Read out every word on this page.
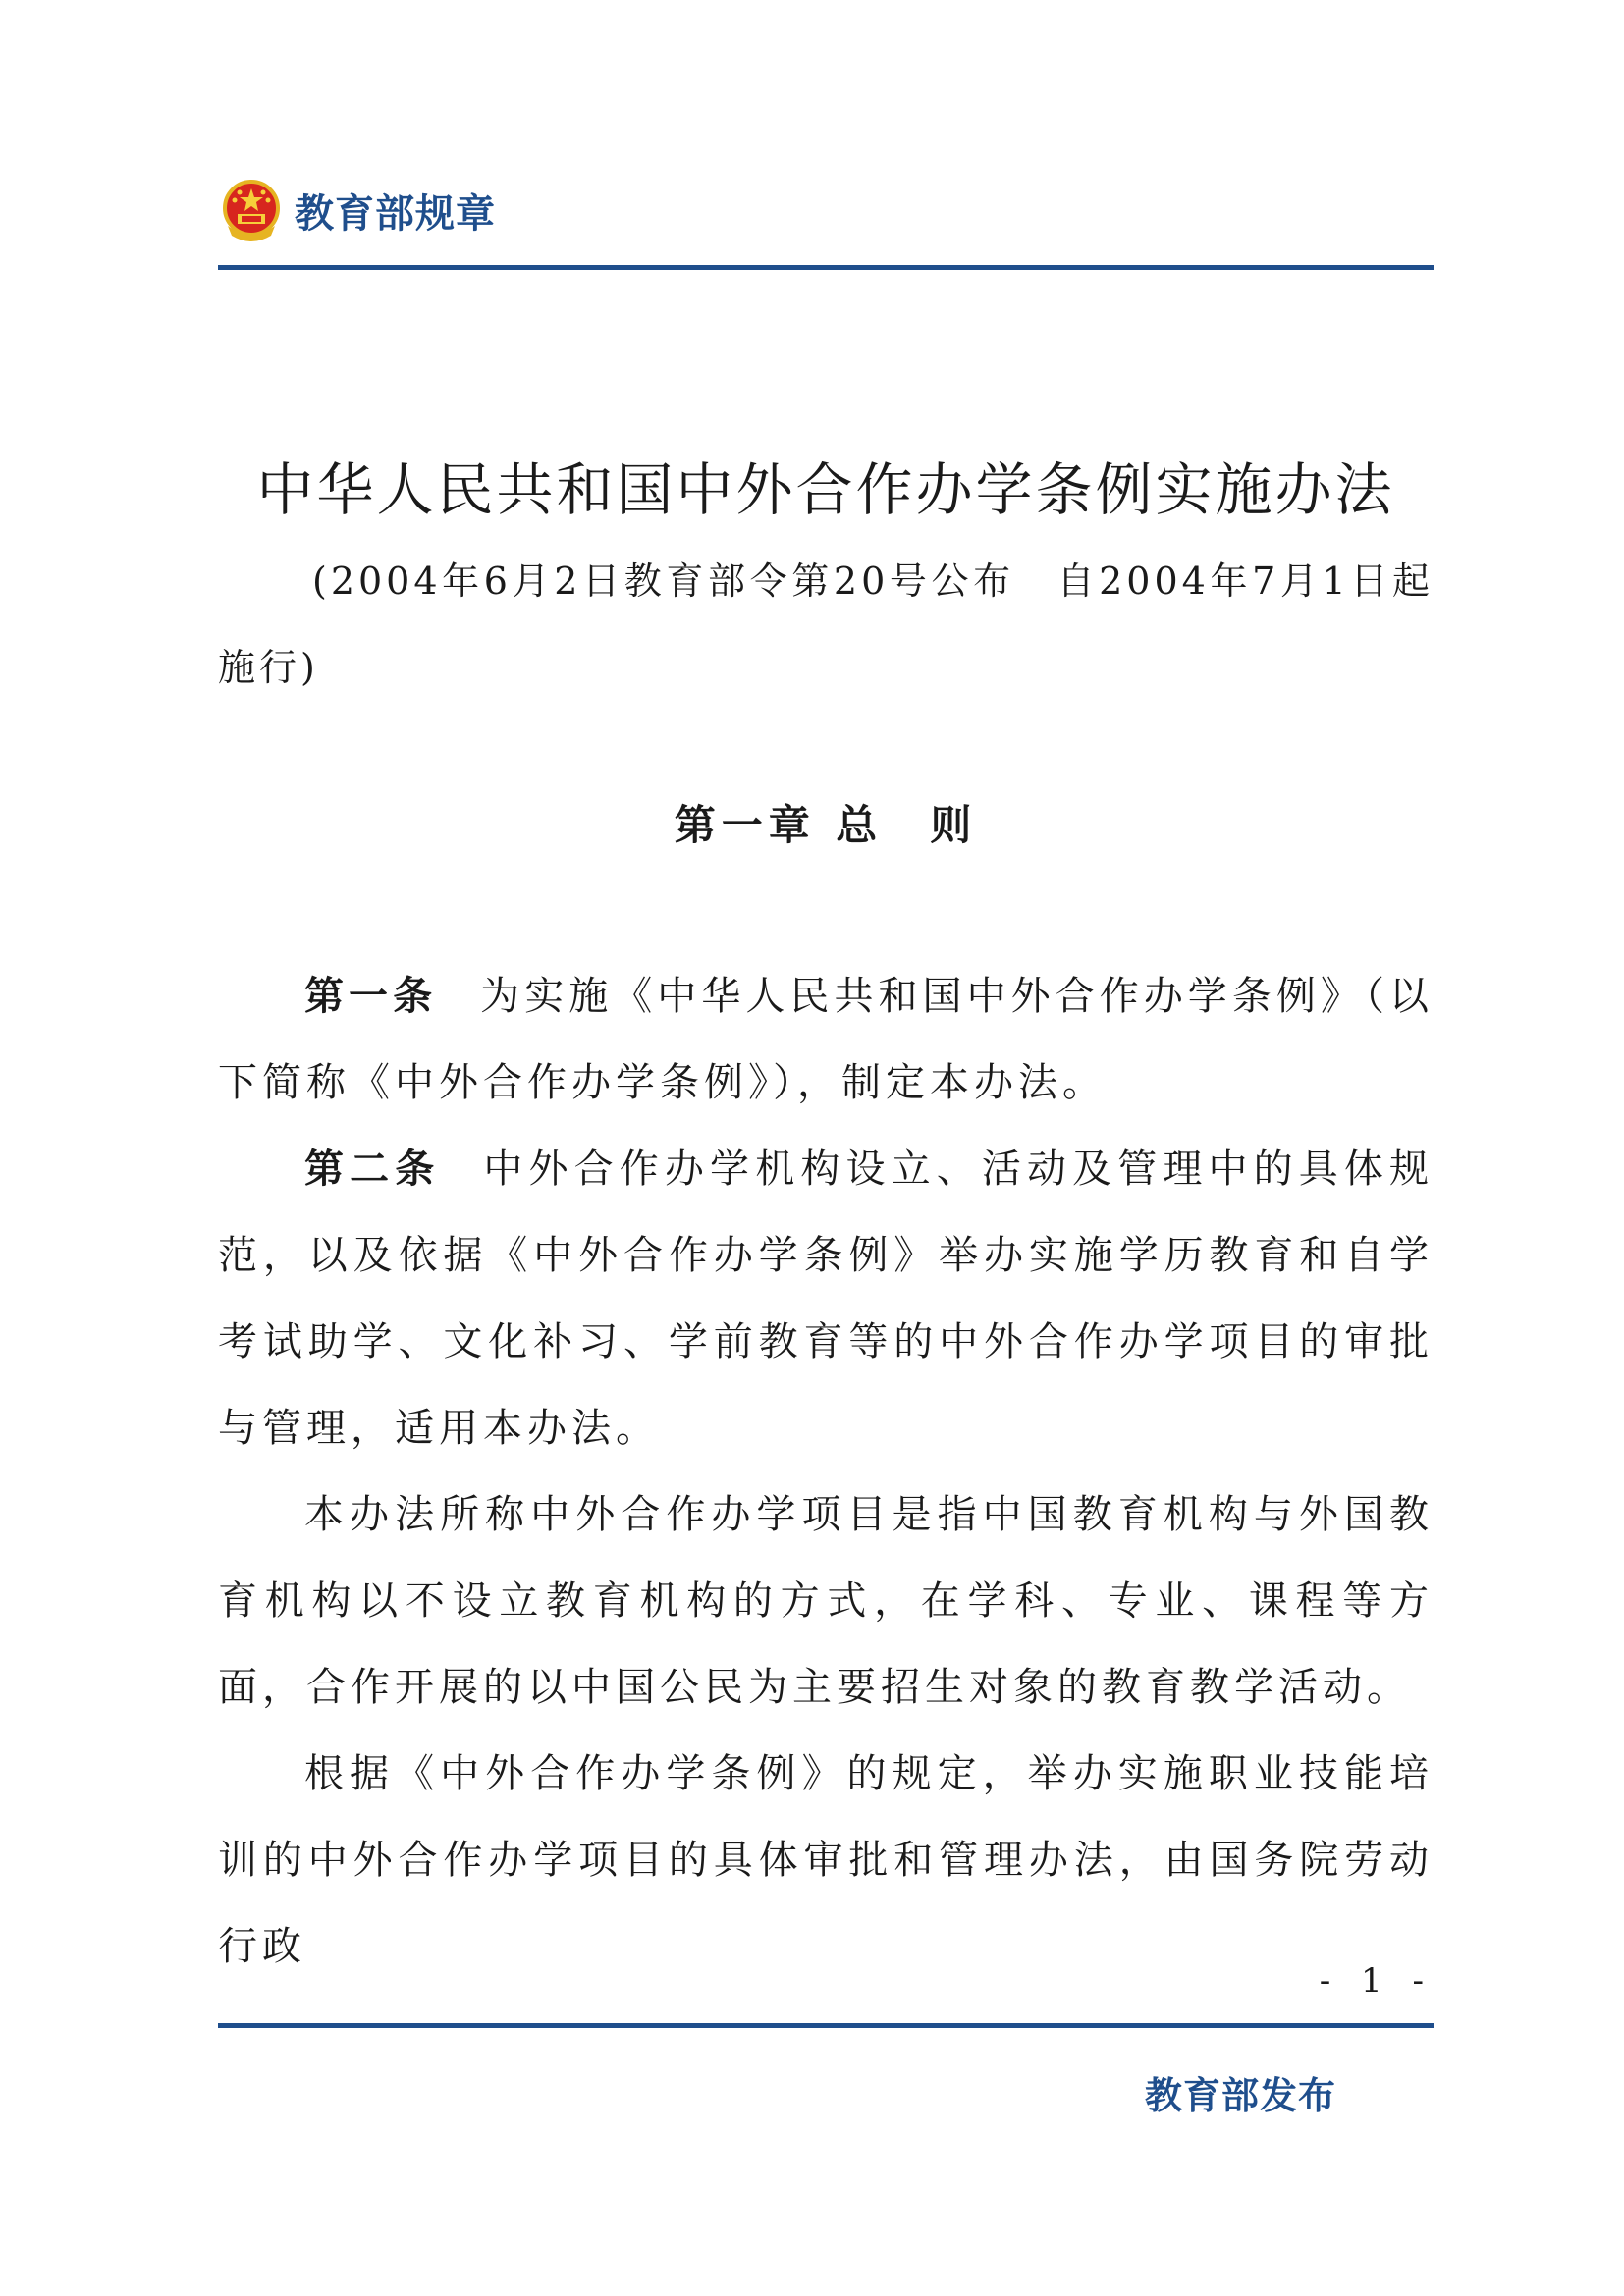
教育部规章
中华人民共和国中外合作办学条例实施办法
(2004年6月2日教育部令第20号公布　自2004年7月1日起施行)
第一章 总　则

第一条 为实施《中华人民共和国中外合作办学条例》（以下简称《中外合作办学条例》），制定本办法。

第二条 中外合作办学机构设立、活动及管理中的具体规范，以及依据《中外合作办学条例》举办实施学历教育和自学考试助学、文化补习、学前教育等的中外合作办学项目的审批与管理，适用本办法。

本办法所称中外合作办学项目是指中国教育机构与外国教育机构以不设立教育机构的方式，在学科、专业、课程等方面，合作开展的以中国公民为主要招生对象的教育教学活动。

根据《中外合作办学条例》的规定，举办实施职业技能培训的中外合作办学项目的具体审批和管理办法，由国务院劳动行政

- 1 -
教育部发布
